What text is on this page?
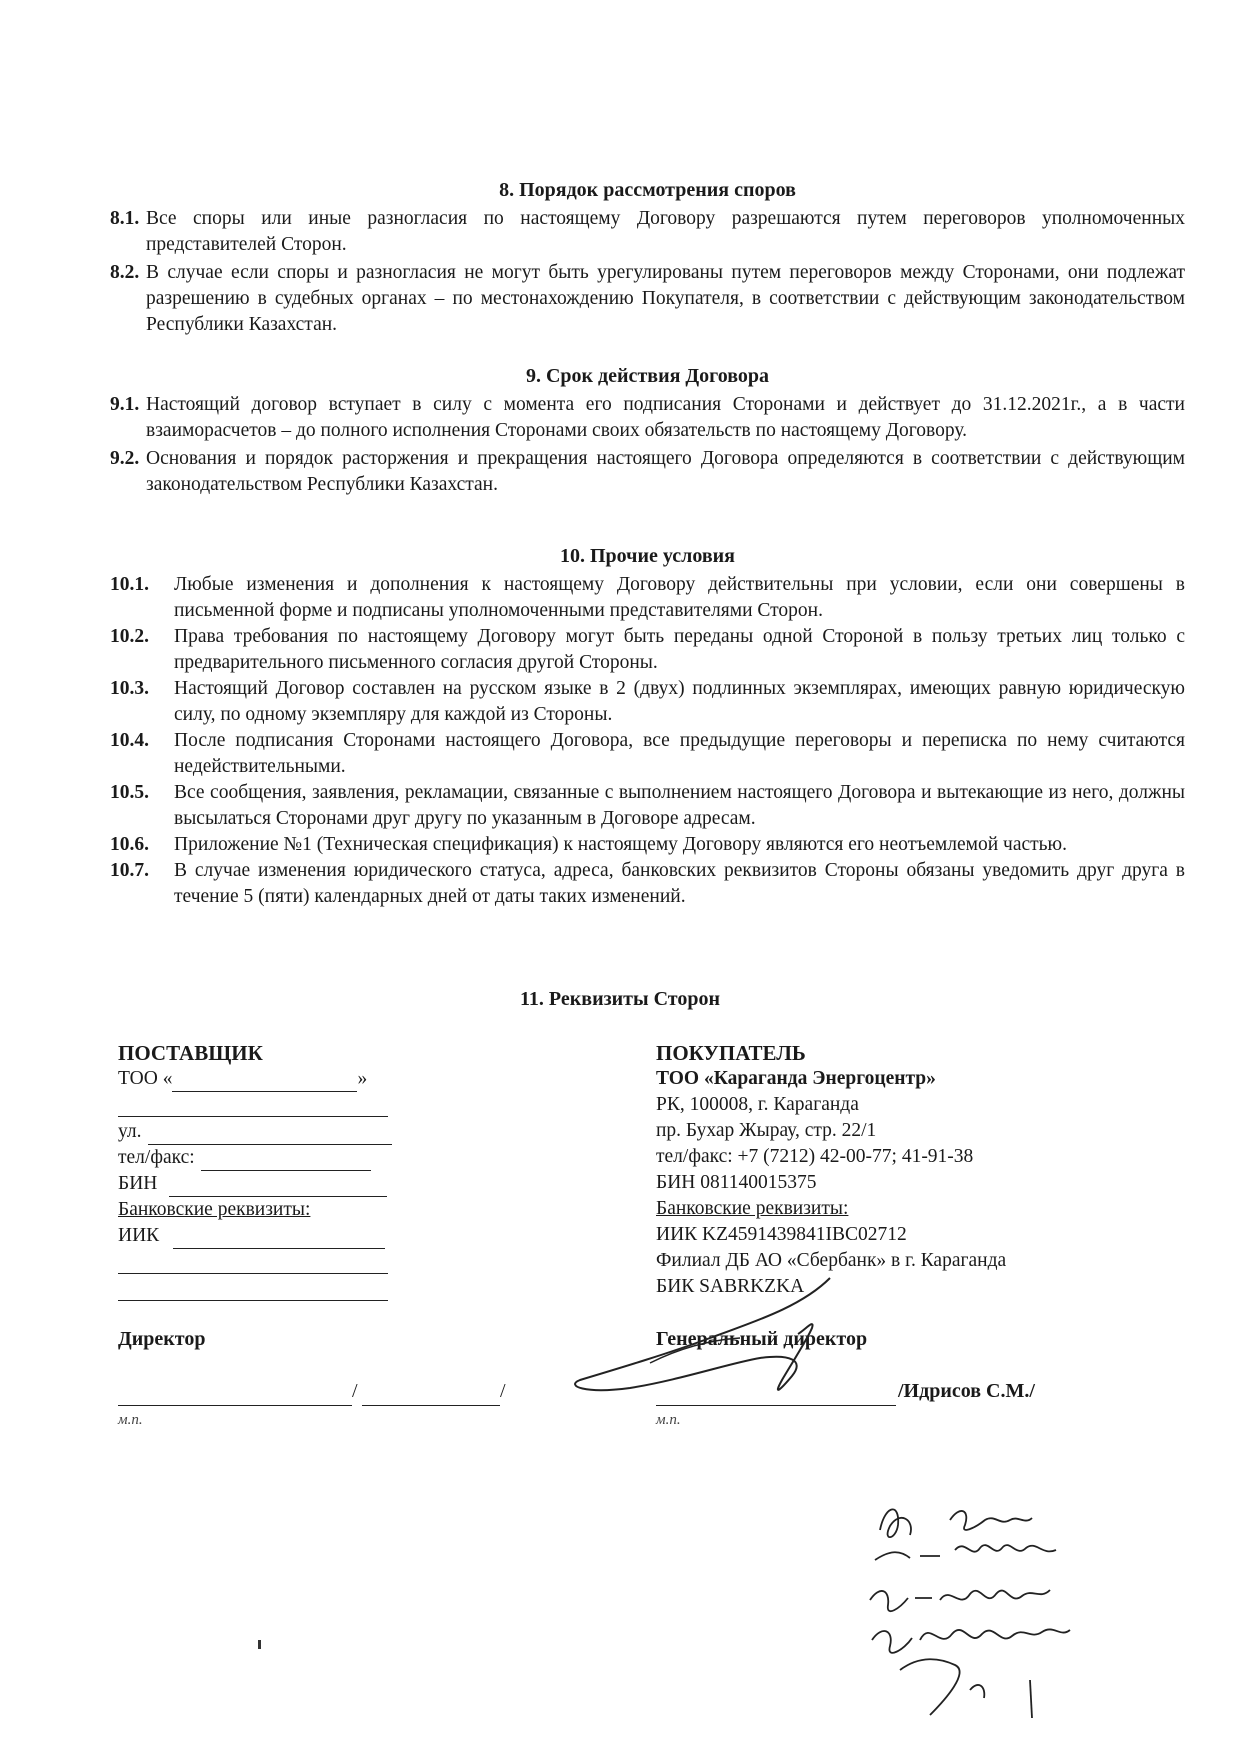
8. Порядок рассмотрения споров
8.1. Все споры или иные разногласия по настоящему Договору разрешаются путем переговоров уполномоченных представителей Сторон.
8.2. В случае если споры и разногласия не могут быть урегулированы путем переговоров между Сторонами, они подлежат разрешению в судебных органах – по местонахождению Покупателя, в соответствии с действующим законодательством Республики Казахстан.
9. Срок действия Договора
9.1. Настоящий договор вступает в силу с момента его подписания Сторонами и действует до 31.12.2021г., а в части взаиморасчетов – до полного исполнения Сторонами своих обязательств по настоящему Договору.
9.2. Основания и порядок расторжения и прекращения настоящего Договора определяются в соответствии с действующим законодательством Республики Казахстан.
10. Прочие условия
10.1.	Любые изменения и дополнения к настоящему Договору действительны при условии, если они совершены в письменной форме и подписаны уполномоченными представителями Сторон.
10.2.	Права требования по настоящему Договору могут быть переданы одной Стороной в пользу третьих лиц только с предварительного письменного согласия другой Стороны.
10.3.	Настоящий Договор составлен на русском языке в 2 (двух) подлинных экземплярах, имеющих равную юридическую силу, по одному экземпляру для каждой из Стороны.
10.4.	После подписания Сторонами настоящего Договора, все предыдущие переговоры и переписка по нему считаются недействительными.
10.5.	Все сообщения, заявления, рекламации, связанные с выполнением настоящего Договора и вытекающие из него, должны высылаться Сторонами друг другу по указанным в Договоре адресам.
10.6.	Приложение №1 (Техническая спецификация) к настоящему Договору являются его неотъемлемой частью.
10.7.	В случае изменения юридического статуса, адреса, банковских реквизитов Стороны обязаны уведомить друг друга в течение 5 (пяти) календарных дней от даты таких изменений.
11. Реквизиты Сторон
ПОСТАВЩИК
ТОО «	»
ул.
тел/факс:
БИН
Банковские реквизиты:
ИИК
ПОКУПАТЕЛЬ
ТОО «Караганда Энергоцентр»
РК, 100008, г. Караганда
пр. Бухар Жырау, стр. 22/1
тел/факс: +7 (7212) 42-00-77; 41-91-38
БИН 081140015375
Банковские реквизиты:
ИИК KZ4591439841IBC02712
Филиал ДБ АО «Сбербанк» в г. Караганда
БИК SABRKZKA
Директор	Генеральный директор
/	/
м.п.
/Идрисов С.М./
м.п.
